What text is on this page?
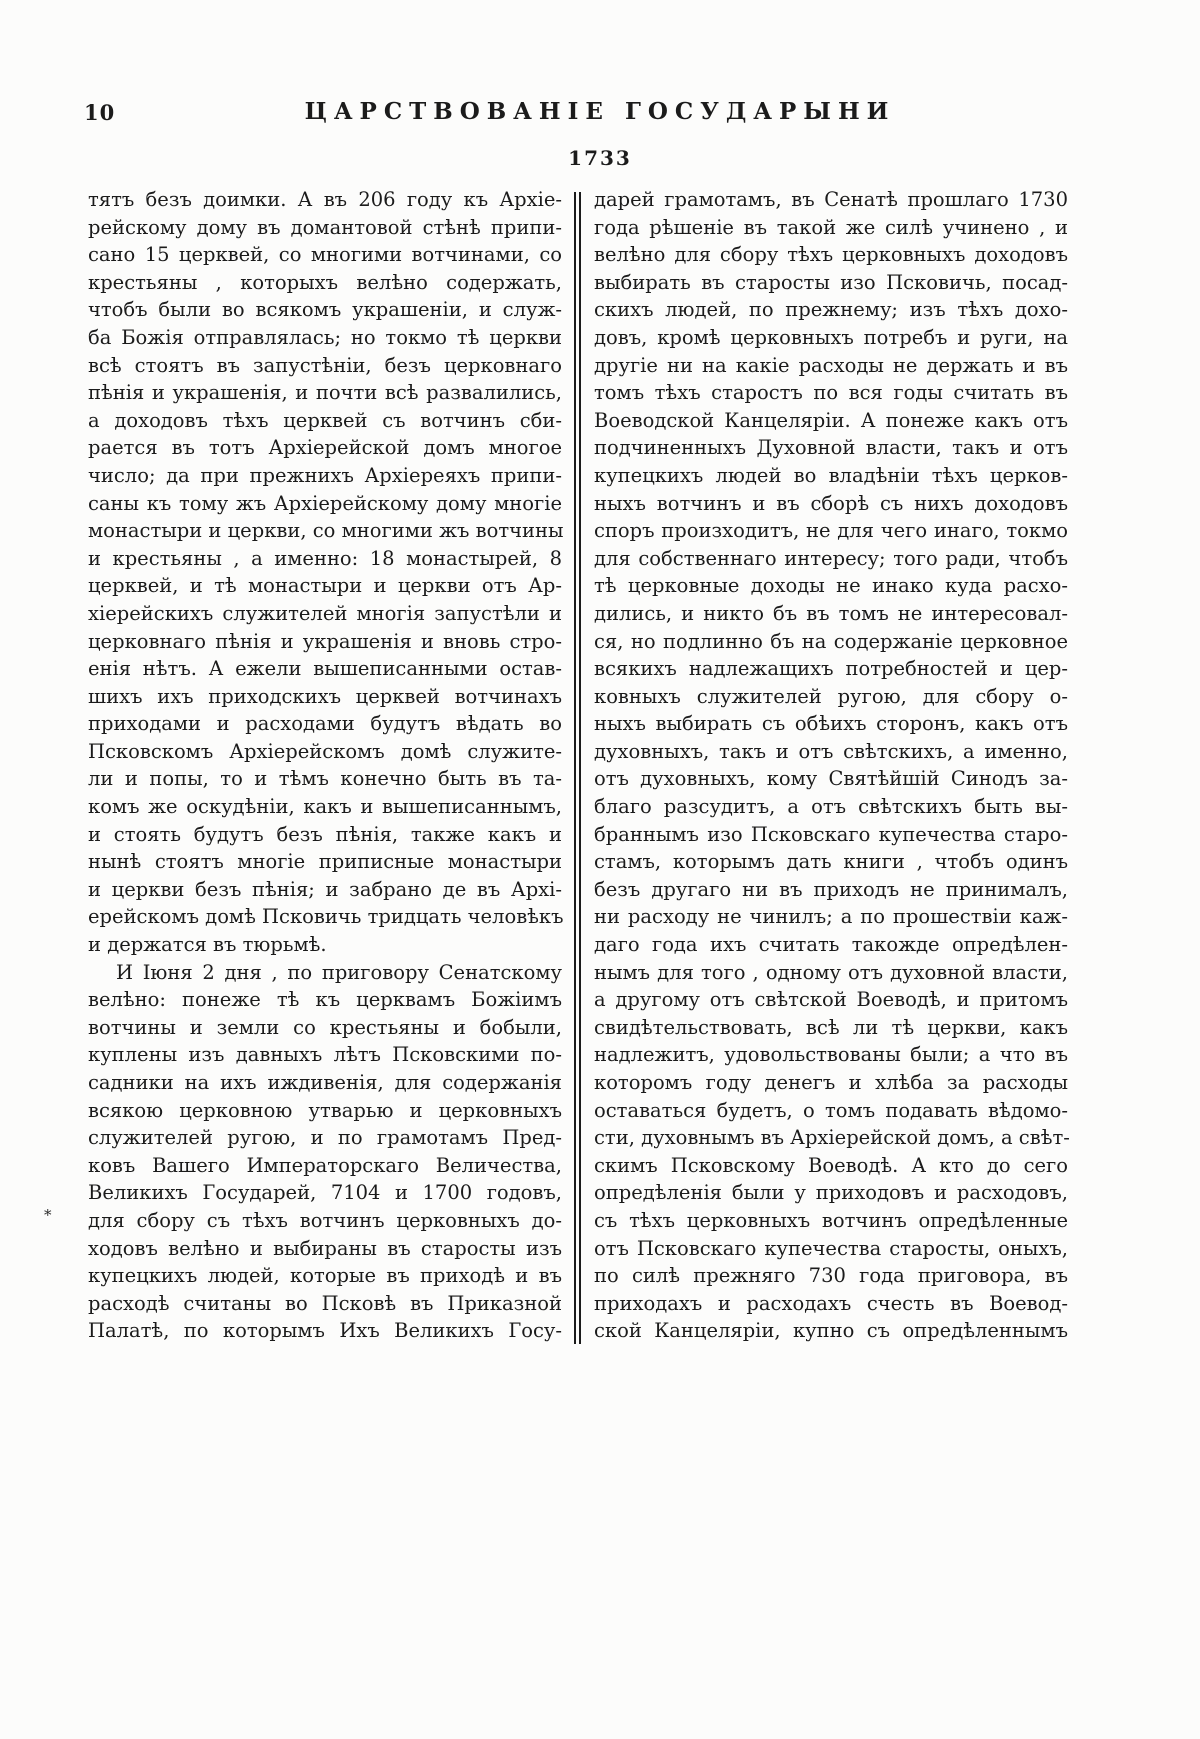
10	ЦАРСТВОВАНІЕ ГОСУДАРЫНИ
1733
*
тятъ безъ доимки. А въ 206 году къ Архіе-
рейскому дому въ домантовой стѣнѣ припи-
сано 15 церквей, со многими вотчинами, со
крестьяны , которыхъ велѣно содержать,
чтобъ были во всякомъ украшеніи, и служ-
ба Божія отправлялась; но токмо тѣ церкви
всѣ стоятъ въ запустѣніи, безъ церковнаго
пѣнія и украшенія, и почти всѣ развалились,
а доходовъ тѣхъ церквей съ вотчинъ сби-
рается въ тотъ Архіерейской домъ многое
число; да при прежнихъ Архіереяхъ припи-
саны къ тому жъ Архіерейскому дому многіе
монастыри и церкви, со многими жъ вотчины
и крестьяны , а именно: 18 монастырей, 8
церквей, и тѣ монастыри и церкви отъ Ар-
хіерейскихъ служителей многія запустѣли и
церковнаго пѣнія и украшенія и вновь стро-
енія нѣтъ. А ежели вышеписанными остав-
шихъ ихъ приходскихъ церквей вотчинахъ
приходами и расходами будутъ вѣдать во
Псковскомъ Архіерейскомъ домѣ служите-
ли и попы, то и тѣмъ конечно быть въ та-
комъ же оскудѣніи, какъ и вышеписаннымъ,
и стоять будутъ безъ пѣнія, также какъ и
нынѣ стоятъ многіе приписные монастыри
и церкви безъ пѣнія; и забрано де въ Архі-
ерейскомъ домѣ Псковичь тридцать человѣкъ
и держатся въ тюрьмѣ.
И Іюня 2 дня , по приговору Сенатскому
велѣно: понеже тѣ къ церквамъ Божіимъ
вотчины и земли со крестьяны и бобыли,
куплены изъ давныхъ лѣтъ Псковскими по-
садники на ихъ иждивенія, для содержанія
всякою церковною утварью и церковныхъ
служителей ругою, и по грамотамъ Пред-
ковъ Вашего Императорскаго Величества,
Великихъ Государей, 7104 и 1700 годовъ,
для сбору съ тѣхъ вотчинъ церковныхъ до-
ходовъ велѣно и выбираны въ старосты изъ
купецкихъ людей, которые въ приходѣ и въ
расходѣ считаны во Псковѣ въ Приказной
Палатѣ, по которымъ Ихъ Великихъ Госу-
дарей грамотамъ, въ Сенатѣ прошлаго 1730
года рѣшеніе въ такой же силѣ учинено , и
велѣно для сбору тѣхъ церковныхъ доходовъ
выбирать въ старосты изо Псковичь, посад-
скихъ людей, по прежнему; изъ тѣхъ дохо-
довъ, кромѣ церковныхъ потребъ и руги, на
другіе ни на какіе расходы не держать и въ
томъ тѣхъ старостъ по вся годы считать въ
Воеводской Канцеляріи. А понеже какъ отъ
подчиненныхъ Духовной власти, такъ и отъ
купецкихъ людей во владѣніи тѣхъ церков-
ныхъ вотчинъ и въ сборѣ съ нихъ доходовъ
споръ произходитъ, не для чего инаго, токмо
для собственнаго интересу; того ради, чтобъ
тѣ церковные доходы не инако куда расхо-
дились, и никто бъ въ томъ не интересовал-
ся, но подлинно бъ на содержаніе церковное
всякихъ надлежащихъ потребностей и цер-
ковныхъ служителей ругою, для сбору о-
ныхъ выбирать съ обѣихъ сторонъ, какъ отъ
духовныхъ, такъ и отъ свѣтскихъ, а именно,
отъ духовныхъ, кому Святѣйшій Синодъ за-
благо разсудитъ, а отъ свѣтскихъ быть вы-
браннымъ изо Псковскаго купечества старо-
стамъ, которымъ дать книги , чтобъ одинъ
безъ другаго ни въ приходъ не принималъ,
ни расходу не чинилъ; а по прошествіи каж-
даго года ихъ считать такожде опредѣлен-
нымъ для того , одному отъ духовной власти,
а другому отъ свѣтской Воеводѣ, и притомъ
свидѣтельствовать, всѣ ли тѣ церкви, какъ
надлежитъ, удовольствованы были; а что въ
которомъ году денегъ и хлѣба за расходы
оставаться будетъ, о томъ подавать вѣдомо-
сти, духовнымъ въ Архіерейской домъ, а свѣт-
скимъ Псковскому Воеводѣ. А кто до сего
опредѣленія были у приходовъ и расходовъ,
съ тѣхъ церковныхъ вотчинъ опредѣленные
отъ Псковскаго купечества старосты, оныхъ,
по силѣ прежняго 730 года приговора, въ
приходахъ и расходахъ счесть въ Воевод-
ской Канцеляріи, купно съ опредѣленнымъ
